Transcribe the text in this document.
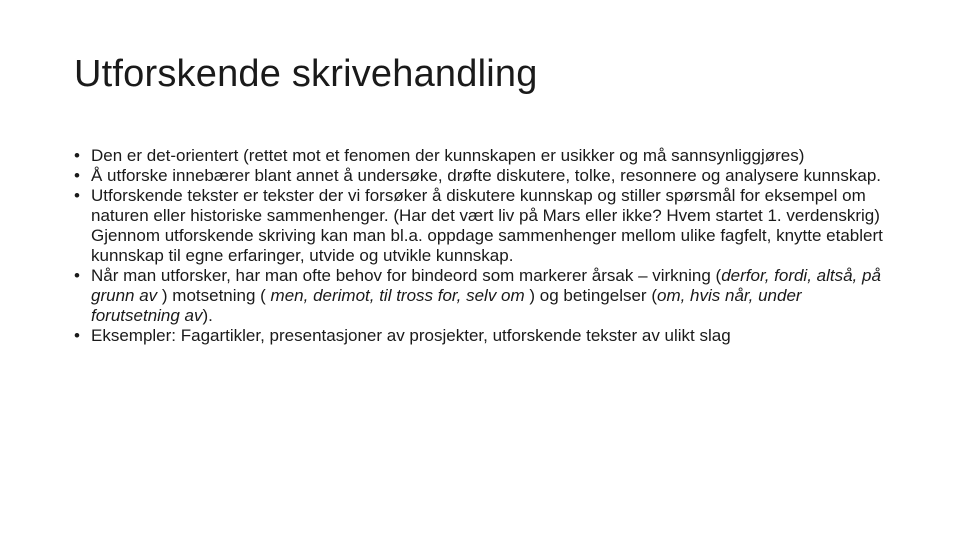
Utforskende skrivehandling
• Den er det-orientert (rettet mot et fenomen der kunnskapen er usikker og må sannsynliggjøres)
• Å utforske innebærer blant annet å undersøke, drøfte diskutere, tolke, resonnere og analysere kunnskap.
• Utforskende tekster er tekster der vi forsøker å diskutere kunnskap og stiller spørsmål for eksempel om naturen eller historiske sammenhenger. (Har det vært liv på Mars eller ikke? Hvem startet 1. verdenskrig) Gjennom utforskende skriving kan man bl.a. oppdage sammenhenger mellom ulike fagfelt, knytte etablert kunnskap til egne erfaringer, utvide og utvikle kunnskap.
• Når man utforsker, har man ofte behov for bindeord som markerer årsak – virkning (derfor, fordi, altså, på grunn av ) motsetning ( men, derimot, til tross for, selv om ) og betingelser (om, hvis når, under forutsetning av).
• Eksempler: Fagartikler, presentasjoner av prosjekter, utforskende tekster av ulikt slag
